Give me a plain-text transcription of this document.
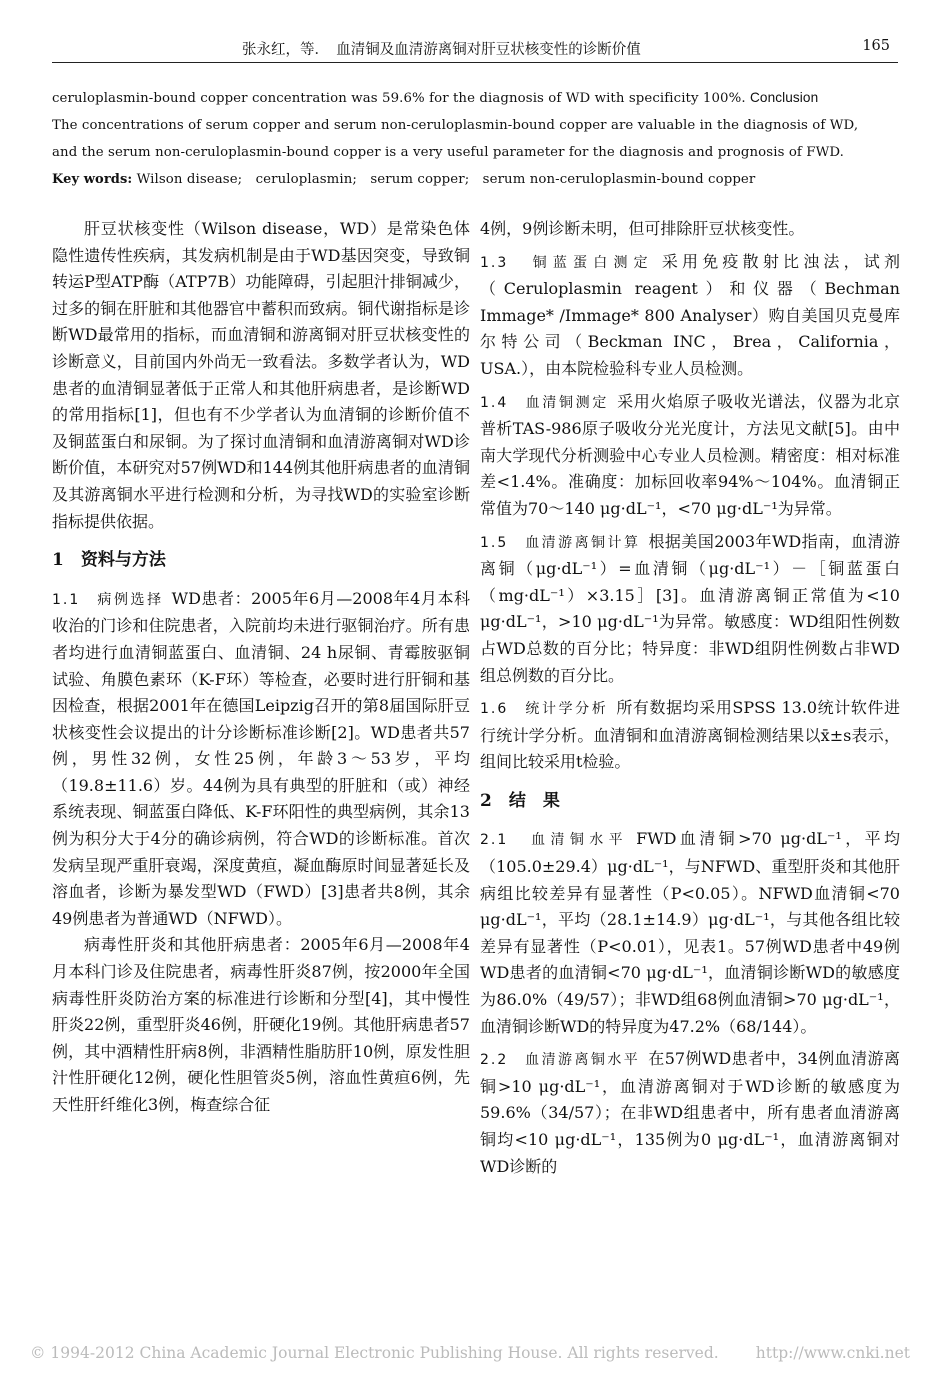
张永红，等．　血清铜及血清游离铜对肝豆状核变性的诊断价值	165

ceruloplasmin-bound copper concentration was 59.6% for the diagnosis of WD with specificity 100%. Conclusion

The concentrations of serum copper and serum non-ceruloplasmin-bound copper are valuable in the diagnosis of WD,

and the serum non-ceruloplasmin-bound copper is a very useful parameter for the diagnosis and prognosis of FWD.

Key words: Wilson disease;　ceruloplasmin;　serum copper;　serum non-ceruloplasmin-bound copper

肝豆状核变性（Wilson disease，WD）是常染色体隐性遗传性疾病，其发病机制是由于WD基因突变，导致铜转运P型ATP酶（ATP7B）功能障碍，引起胆汁排铜减少，过多的铜在肝脏和其他器官中蓄积而致病。铜代谢指标是诊断WD最常用的指标，而血清铜和游离铜对肝豆状核变性的诊断意义，目前国内外尚无一致看法。多数学者认为，WD患者的血清铜显著低于正常人和其他肝病患者，是诊断WD的常用指标[1]，但也有不少学者认为血清铜的诊断价值不及铜蓝蛋白和尿铜。为了探讨血清铜和血清游离铜对WD诊断价值，本研究对57例WD和144例其他肝病患者的血清铜及其游离铜水平进行检测和分析，为寻找WD的实验室诊断指标提供依据。

1　资料与方法

1.1　病例选择 WD患者：2005年6月—2008年4月本科收治的门诊和住院患者，入院前均未进行驱铜治疗。所有患者均进行血清铜蓝蛋白、血清铜、24 h尿铜、青霉胺驱铜试验、角膜色素环（K-F环）等检查，必要时进行肝铜和基因检查，根据2001年在德国Leipzig召开的第8届国际肝豆状核变性会议提出的计分诊断标准诊断[2]。WD患者共57例，男性32例，女性25例，年龄3～53岁，平均（19.8±11.6）岁。44例为具有典型的肝脏和（或）神经系统表现、铜蓝蛋白降低、K-F环阳性的典型病例，其余13例为积分大于4分的确诊病例，符合WD的诊断标准。首次发病呈现严重肝衰竭，深度黄疸，凝血酶原时间显著延长及溶血者，诊断为暴发型WD（FWD）[3]患者共8例，其余49例患者为普通WD（NFWD）。

病毒性肝炎和其他肝病患者：2005年6月—2008年4月本科门诊及住院患者，病毒性肝炎87例，按2000年全国病毒性肝炎防治方案的标准进行诊断和分型[4]，其中慢性肝炎22例，重型肝炎46例，肝硬化19例。其他肝病患者57例，其中酒精性肝病8例，非酒精性脂肪肝10例，原发性胆汁性肝硬化12例，硬化性胆管炎5例，溶血性黄疸6例，先天性肝纤维化3例，梅查综合征

4例，9例诊断未明，但可排除肝豆状核变性。

1.3　铜蓝蛋白测定 采用免疫散射比浊法，试剂（Ceruloplasmin reagent）和仪器（Bechman Immage* /Immage* 800 Analyser）购自美国贝克曼库尔特公司（Beckman INC，Brea，California，USA.），由本院检验科专业人员检测。

1.4　血清铜测定 采用火焰原子吸收光谱法，仪器为北京普析TAS-986原子吸收分光光度计，方法见文献[5]。由中南大学现代分析测验中心专业人员检测。精密度：相对标准差<1.4%。准确度：加标回收率94%～104%。血清铜正常值为70～140 μg·dL⁻¹，<70 μg·dL⁻¹为异常。

1.5　血清游离铜计算 根据美国2003年WD指南，血清游离铜（μg·dL⁻¹）=血清铜（μg·dL⁻¹）－［铜蓝蛋白（mg·dL⁻¹）×3.15］[3]。血清游离铜正常值为<10 μg·dL⁻¹，>10 μg·dL⁻¹为异常。敏感度：WD组阳性例数占WD总数的百分比；特异度：非WD组阴性例数占非WD组总例数的百分比。

1.6　统计学分析 所有数据均采用SPSS 13.0统计软件进行统计学分析。血清铜和血清游离铜检测结果以x̄±s表示，组间比较采用t检验。

2　结　果

2.1　血清铜水平 FWD血清铜>70 μg·dL⁻¹，平均（105.0±29.4）μg·dL⁻¹，与NFWD、重型肝炎和其他肝病组比较差异有显著性（P<0.05）。NFWD血清铜<70 μg·dL⁻¹，平均（28.1±14.9）μg·dL⁻¹，与其他各组比较差异有显著性（P<0.01），见表1。57例WD患者中49例WD患者的血清铜<70 μg·dL⁻¹，血清铜诊断WD的敏感度为86.0%（49/57）；非WD组68例血清铜>70 μg·dL⁻¹，血清铜诊断WD的特异度为47.2%（68/144）。

2.2　血清游离铜水平 在57例WD患者中，34例血清游离铜>10 μg·dL⁻¹，血清游离铜对于WD诊断的敏感度为59.6%（34/57）；在非WD组患者中，所有患者血清游离铜均<10 μg·dL⁻¹，135例为0 μg·dL⁻¹，血清游离铜对WD诊断的

© 1994-2012 China Academic Journal Electronic Publishing House. All rights reserved. http://www.cnki.net
